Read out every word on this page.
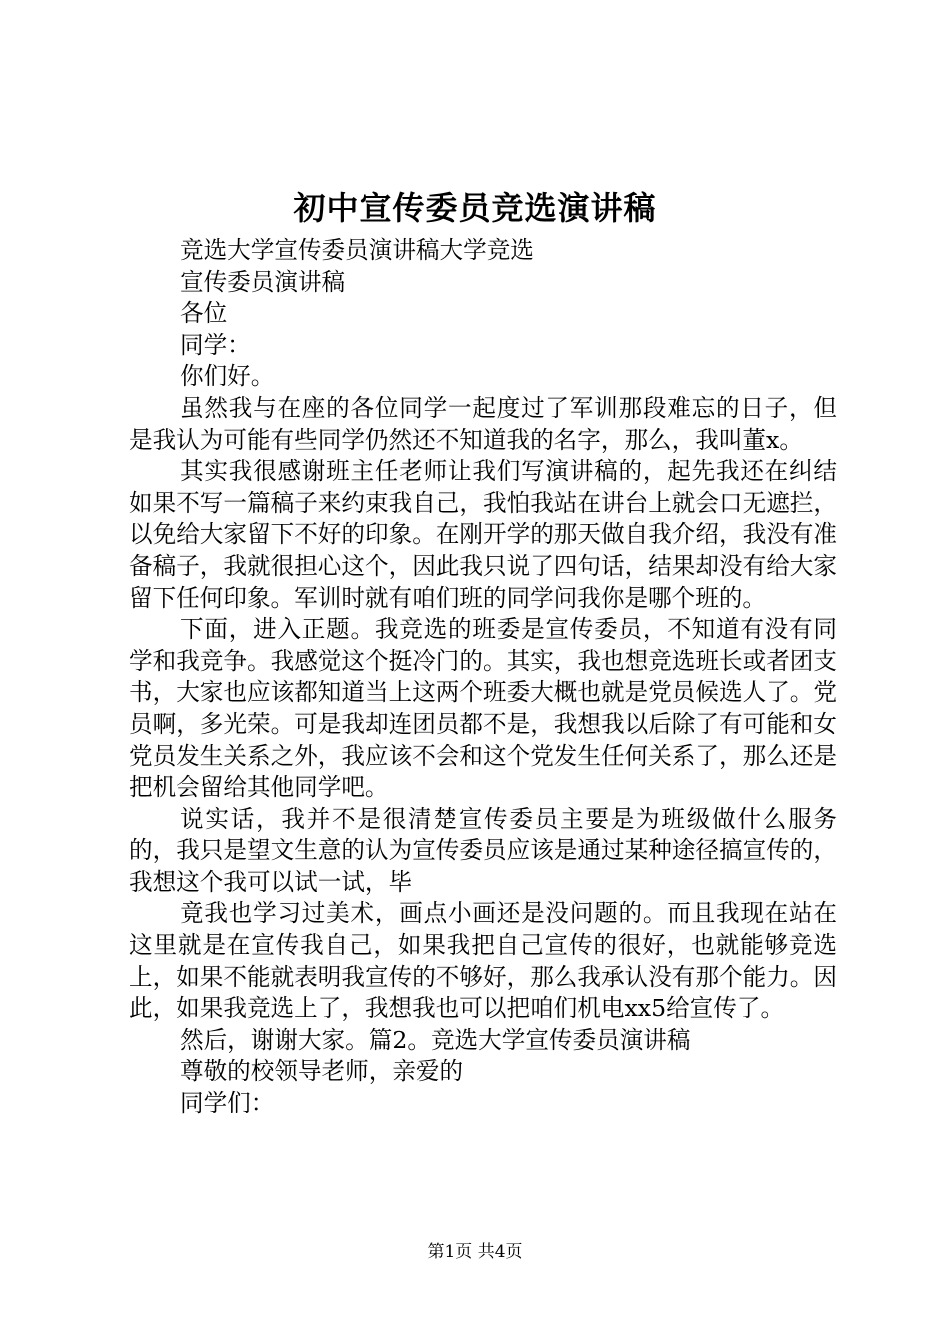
初中宣传委员竞选演讲稿

竞选大学宣传委员演讲稿大学竞选

宣传委员演讲稿

各位

同学：

你们好。

虽然我与在座的各位同学一起度过了军训那段难忘的日子，但是我认为可能有些同学仍然还不知道我的名字，那么，我叫董x。

其实我很感谢班主任老师让我们写演讲稿的，起先我还在纠结如果不写一篇稿子来约束我自己，我怕我站在讲台上就会口无遮拦，以免给大家留下不好的印象。在刚开学的那天做自我介绍，我没有准备稿子，我就很担心这个，因此我只说了四句话，结果却没有给大家留下任何印象。军训时就有咱们班的同学问我你是哪个班的。

下面，进入正题。我竞选的班委是宣传委员，不知道有没有同学和我竞争。我感觉这个挺冷门的。其实，我也想竞选班长或者团支书，大家也应该都知道当上这两个班委大概也就是党员候选人了。党员啊，多光荣。可是我却连团员都不是，我想我以后除了有可能和女党员发生关系之外，我应该不会和这个党发生任何关系了，那么还是把机会留给其他同学吧。

说实话，我并不是很清楚宣传委员主要是为班级做什么服务的，我只是望文生意的认为宣传委员应该是通过某种途径搞宣传的，我想这个我可以试一试，毕

竟我也学习过美术，画点小画还是没问题的。而且我现在站在这里就是在宣传我自己，如果我把自己宣传的很好，也就能够竞选上，如果不能就表明我宣传的不够好，那么我承认没有那个能力。因此，如果我竞选上了，我想我也可以把咱们机电xx5给宣传了。

然后，谢谢大家。篇2。竞选大学宣传委员演讲稿

尊敬的校领导老师，亲爱的

同学们：

第1页 共4页
